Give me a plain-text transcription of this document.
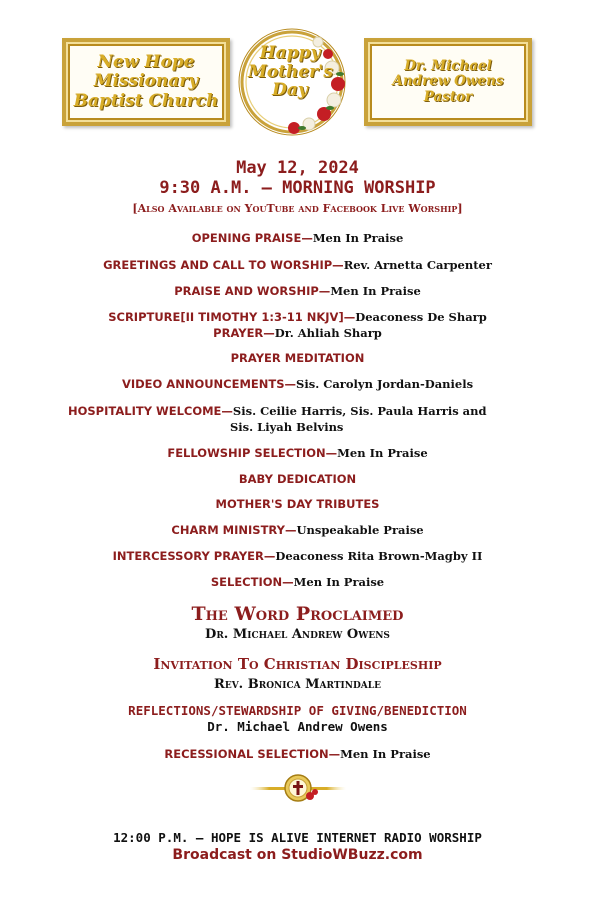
New Hope
Missionary
Baptist Church
Happy
Mother's
Day
Dr. Michael
Andrew Owens
Pastor
May 12, 2024
9:30 A.M. — MORNING WORSHIP
[Also Available on YouTube and Facebook Live Worship]
OPENING PRAISE—Men In Praise
GREETINGS AND CALL TO WORSHIP—Rev. Arnetta Carpenter
PRAISE AND WORSHIP—Men In Praise
SCRIPTURE[II TIMOTHY 1:3-11 NKJV]—Deaconess De Sharp
PRAYER—Dr. Ahliah Sharp
PRAYER MEDITATION
VIDEO ANNOUNCEMENTS—Sis. Carolyn Jordan-Daniels
HOSPITALITY WELCOME—Sis. Ceilie Harris, Sis. Paula Harris and
Sis. Liyah Belvins
FELLOWSHIP SELECTION—Men In Praise
BABY DEDICATION
MOTHER'S DAY TRIBUTES
CHARM MINISTRY—Unspeakable Praise
INTERCESSORY PRAYER—Deaconess Rita Brown-Magby II
SELECTION—Men In Praise
The Word Proclaimed
Dr. Michael Andrew Owens
Invitation To Christian Discipleship
Rev. Bronica Martindale
REFLECTIONS/STEWARDSHIP OF GIVING/BENEDICTION
Dr. Michael Andrew Owens
RECESSIONAL SELECTION—Men In Praise
12:00 P.M. — HOPE IS ALIVE INTERNET RADIO WORSHIP
Broadcast on StudioWBuzz.com
